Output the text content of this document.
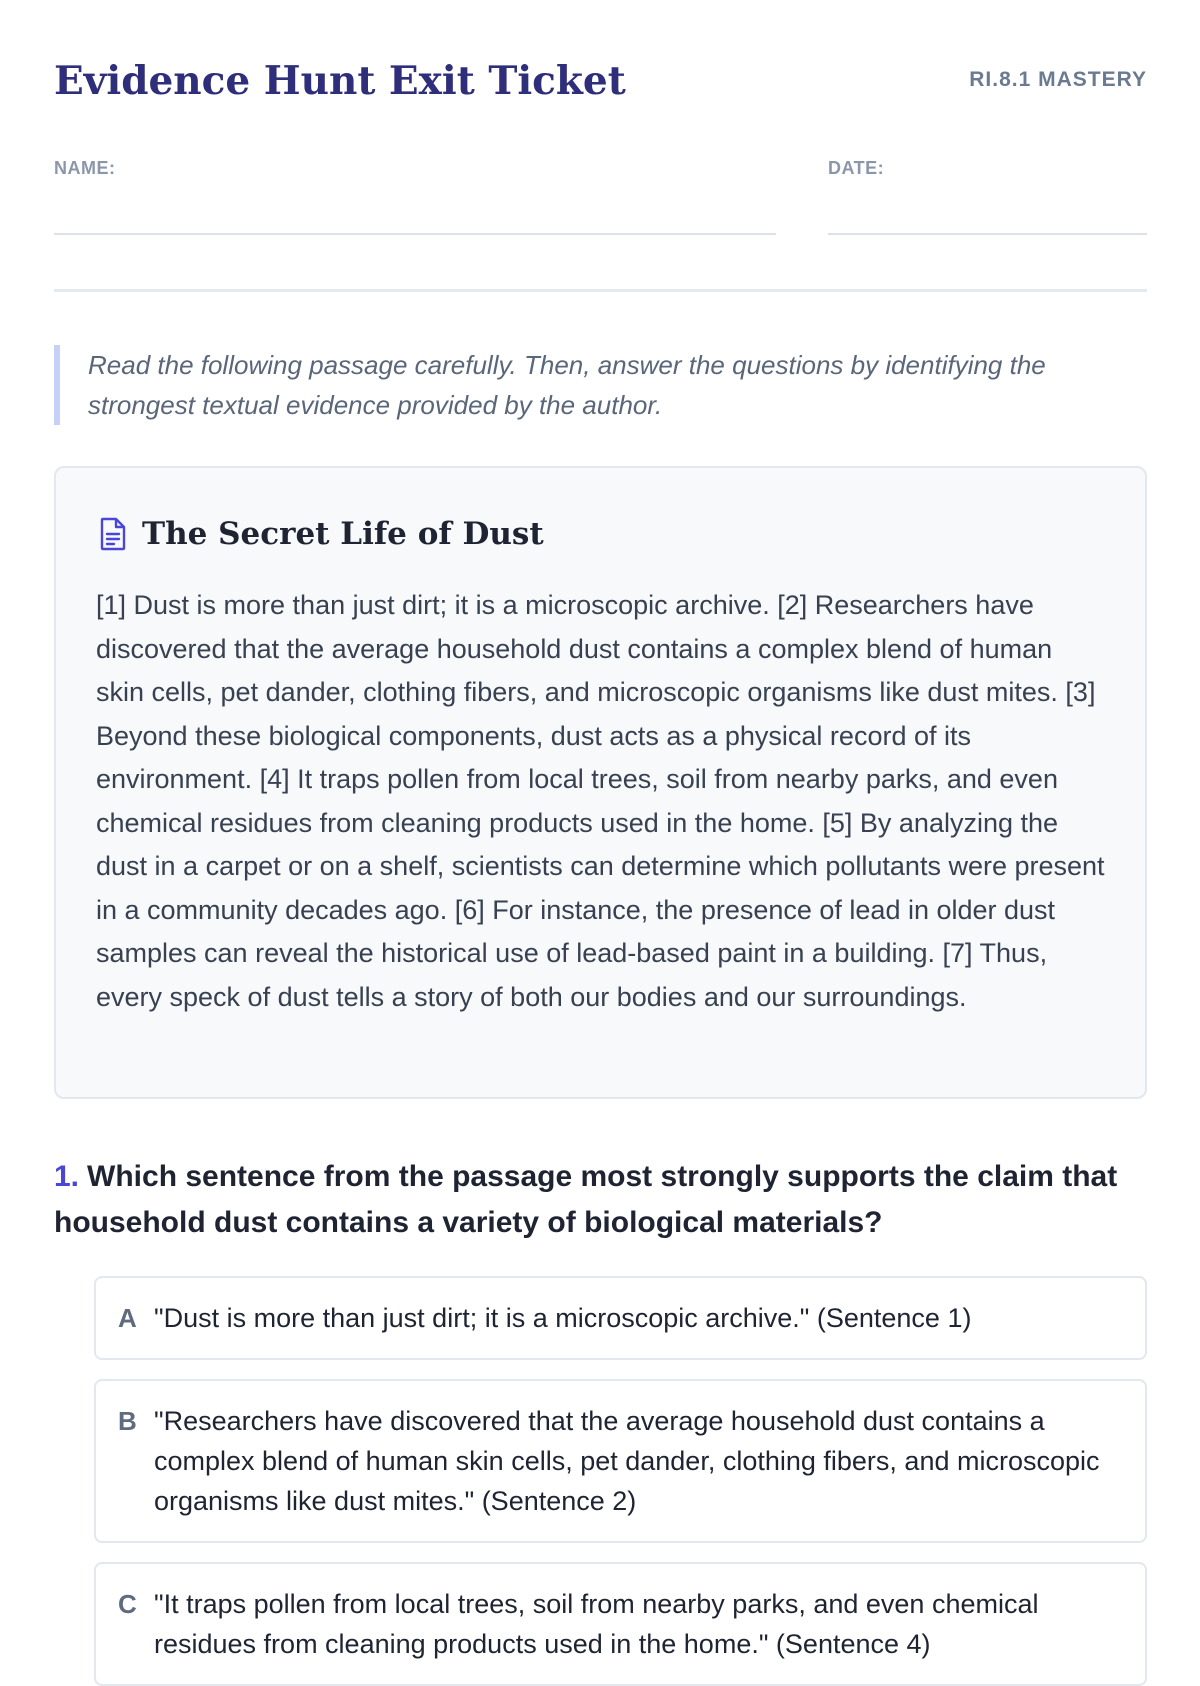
Evidence Hunt Exit Ticket	RI.8.1 MASTERY
NAME:	DATE:

Read the following passage carefully. Then, answer the questions by identifying the strongest textual evidence provided by the author.

The Secret Life of Dust

[1] Dust is more than just dirt; it is a microscopic archive. [2] Researchers have discovered that the average household dust contains a complex blend of human skin cells, pet dander, clothing fibers, and microscopic organisms like dust mites. [3] Beyond these biological components, dust acts as a physical record of its environment. [4] It traps pollen from local trees, soil from nearby parks, and even chemical residues from cleaning products used in the home. [5] By analyzing the dust in a carpet or on a shelf, scientists can determine which pollutants were present in a community decades ago. [6] For instance, the presence of lead in older dust samples can reveal the historical use of lead-based paint in a building. [7] Thus, every speck of dust tells a story of both our bodies and our surroundings.

1. Which sentence from the passage most strongly supports the claim that household dust contains a variety of biological materials?

A "Dust is more than just dirt; it is a microscopic archive." (Sentence 1)
B "Researchers have discovered that the average household dust contains a complex blend of human skin cells, pet dander, clothing fibers, and microscopic organisms like dust mites." (Sentence 2)
C "It traps pollen from local trees, soil from nearby parks, and even chemical residues from cleaning products used in the home." (Sentence 4)
